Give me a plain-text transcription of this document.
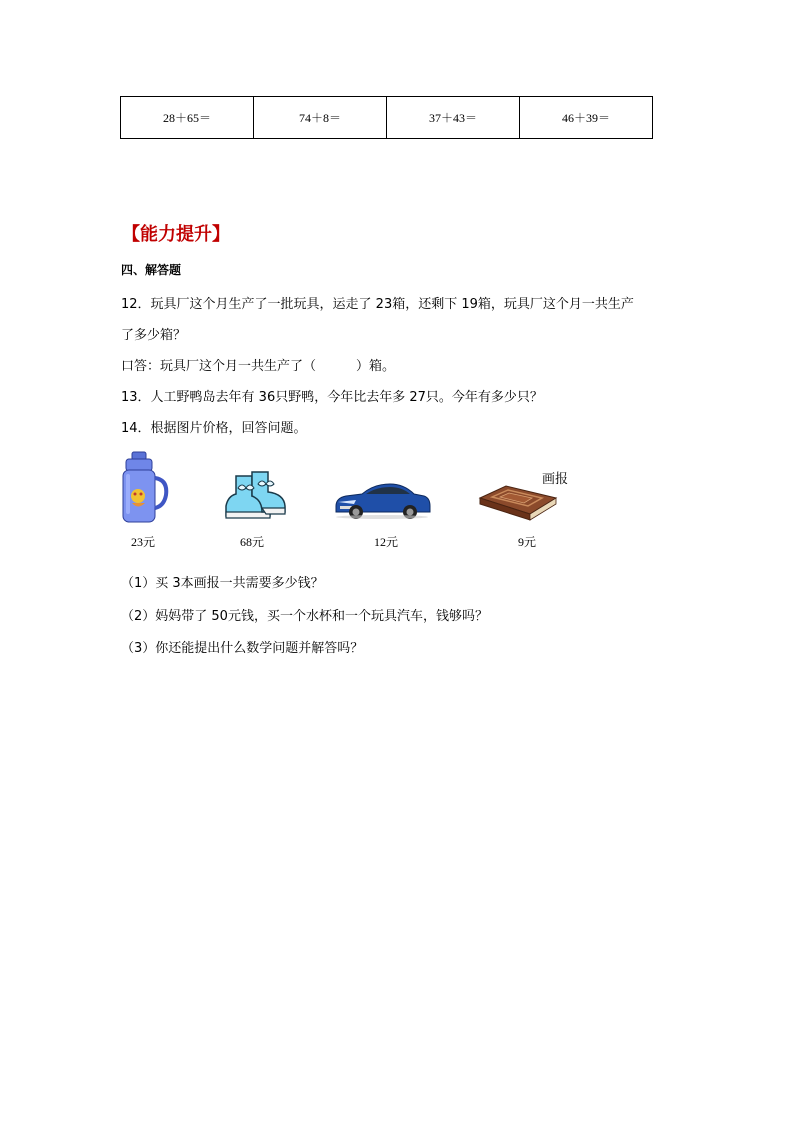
28＋65＝	74＋8＝	37＋43＝	46＋39＝
【能力提升】
四、解答题
12．玩具厂这个月生产了一批玩具，运走了 23箱，还剩下 19箱，玩具厂这个月一共生产
了多少箱？
口答：玩具厂这个月一共生产了（	）箱。
13．人工野鸭岛去年有 36只野鸭，今年比去年多 27只。今年有多少只？
14．根据图片价格，回答问题。
画报
23元	68元	12元	9元
（1）买 3本画报一共需要多少钱？
（2）妈妈带了 50元钱，买一个水杯和一个玩具汽车，钱够吗？
（3）你还能提出什么数学问题并解答吗？
